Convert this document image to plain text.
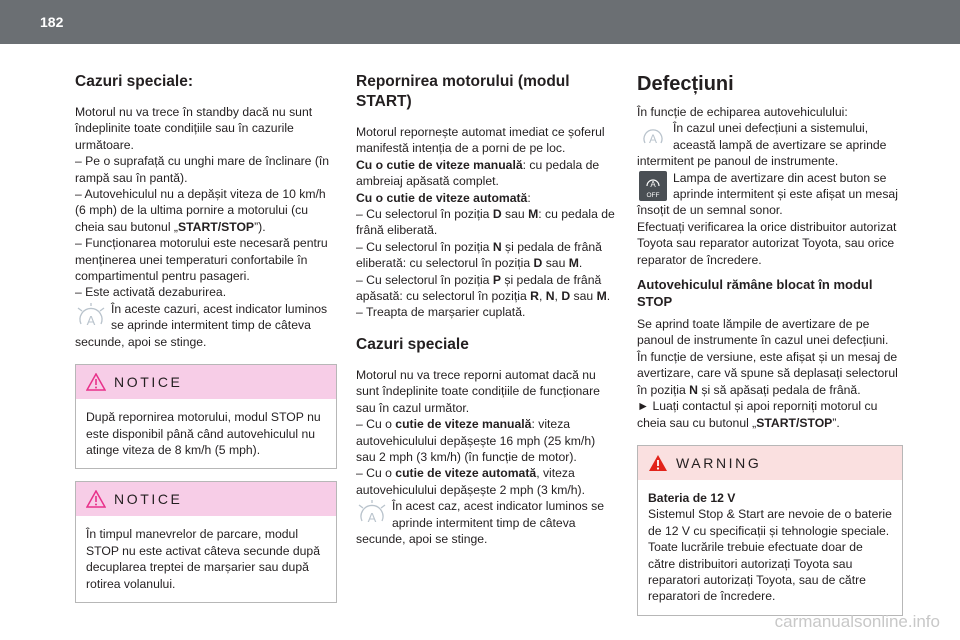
182
Cazuri speciale:

Motorul nu va trece în standby dacă nu sunt îndeplinite toate condițiile sau în cazurile următoare.

– Pe o suprafață cu unghi mare de înclinare (în rampă sau în pantă).

– Autovehiculul nu a depășit viteza de 10 km/h (6 mph) de la ultima pornire a motorului (cu cheia sau butonul „START/STOP”).

– Funcționarea motorului este necesară pentru menținerea unei temperaturi confortabile în compartimentul pentru pasageri.

– Este activată dezaburirea.

A
În aceste cazuri, acest indicator luminos se aprinde intermitent timp de câteva secunde, apoi se stinge.

NOTICE
După repornirea motorului, modul STOP nu este disponibil până când autovehiculul nu atinge viteza de 8 km/h (5 mph).
NOTICE
În timpul manevrelor de parcare, modul STOP nu este activat câteva secunde după decuplarea treptei de marșarier sau după rotirea volanului.
Repornirea motorului (modul START)

Motorul repornește automat imediat ce șoferul manifestă intenția de a porni de pe loc.

Cu o cutie de viteze manuală: cu pedala de ambreiaj apăsată complet.

Cu o cutie de viteze automată:

– Cu selectorul în poziția D sau M: cu pedala de frână eliberată.

– Cu selectorul în poziția N și pedala de frână eliberată: cu selectorul în poziția D sau M.

– Cu selectorul în poziția P și pedala de frână apăsată: cu selectorul în poziția R, N, D sau M.

– Treapta de marșarier cuplată.

Cazuri speciale

Motorul nu va trece reporni automat dacă nu sunt îndeplinite toate condițiile de funcționare sau în cazul următor.

– Cu o cutie de viteze manuală: viteza autovehiculului depășește 16 mph (25 km/h) sau 2 mph (3 km/h) (în funcție de motor).

– Cu o cutie de viteze automată, viteza autovehiculului depășește 2 mph (3 km/h).

A
În acest caz, acest indicator luminos se aprinde intermitent timp de câteva secunde, apoi se stinge.

Defecțiuni

În funcție de echiparea autovehiculului:

A
În cazul unei defecțiuni a sistemului, această lampă de avertizare se aprinde intermitent pe panoul de instrumente.

A
OFF
Lampa de avertizare din acest buton se aprinde intermitent și este afișat un mesaj însoțit de un semnal sonor.

Efectuați verificarea la orice distribuitor autorizat Toyota sau reparator autorizat Toyota, sau orice reparator de încredere.

Autovehiculul rămâne blocat în modul STOP

Se aprind toate lămpile de avertizare de pe panoul de instrumente în cazul unei defecțiuni.

În funcție de versiune, este afișat și un mesaj de avertizare, care vă spune să deplasați selectorul în poziția N și să apăsați pedala de frână.

► Luați contactul și apoi reporniți motorul cu cheia sau cu butonul „START/STOP”.

WARNING
Bateria de 12 V
Sistemul Stop & Start are nevoie de o baterie de 12 V cu specificații și tehnologie speciale. Toate lucrările trebuie efectuate doar de către distribuitori autorizați Toyota sau reparatori autorizați Toyota, sau de către reparatori de încredere.
carmanualsonline.info
